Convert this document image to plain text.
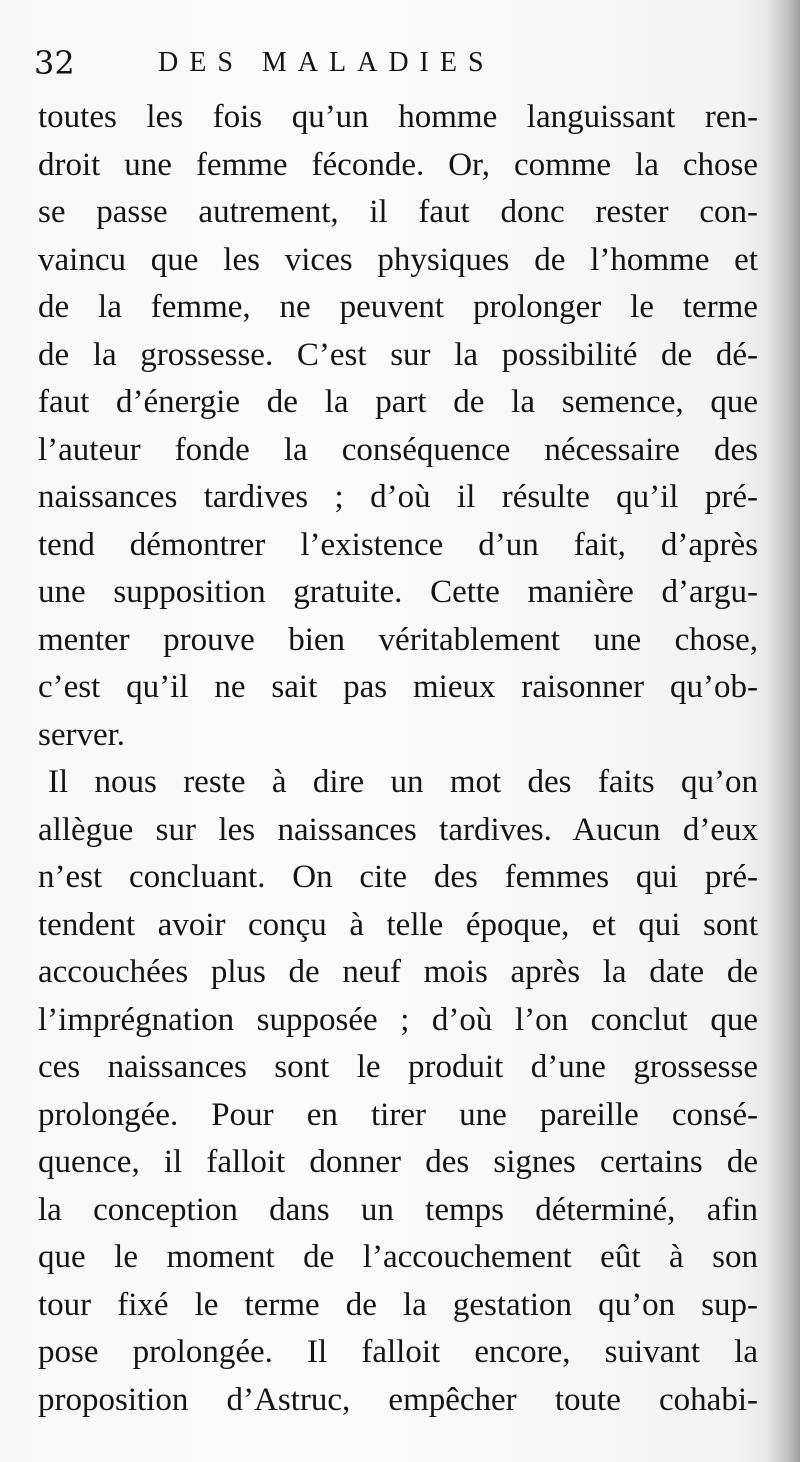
32	DES MALADIES
toutes les fois qu’un homme languissant ren-
droit une femme féconde. Or, comme la chose
se passe autrement, il faut donc rester con-
vaincu que les vices physiques de l’homme et
de la femme, ne peuvent prolonger le terme
de la grossesse. C’est sur la possibilité de dé-
faut d’énergie de la part de la semence, que
l’auteur fonde la conséquence nécessaire des
naissances tardives ; d’où il résulte qu’il pré-
tend démontrer l’existence d’un fait, d’après
une supposition gratuite. Cette manière d’argu-
menter prouve bien véritablement une chose,
c’est qu’il ne sait pas mieux raisonner qu’ob-
server.
Il nous reste à dire un mot des faits qu’on
allègue sur les naissances tardives. Aucun d’eux
n’est concluant. On cite des femmes qui pré-
tendent avoir conçu à telle époque, et qui sont
accouchées plus de neuf mois après la date de
l’imprégnation supposée ; d’où l’on conclut que
ces naissances sont le produit d’une grossesse
prolongée. Pour en tirer une pareille consé-
quence, il falloit donner des signes certains de
la conception dans un temps déterminé, afin
que le moment de l’accouchement eût à son
tour fixé le terme de la gestation qu’on sup-
pose prolongée. Il falloit encore, suivant la
proposition d’Astruc, empêcher toute cohabi-
